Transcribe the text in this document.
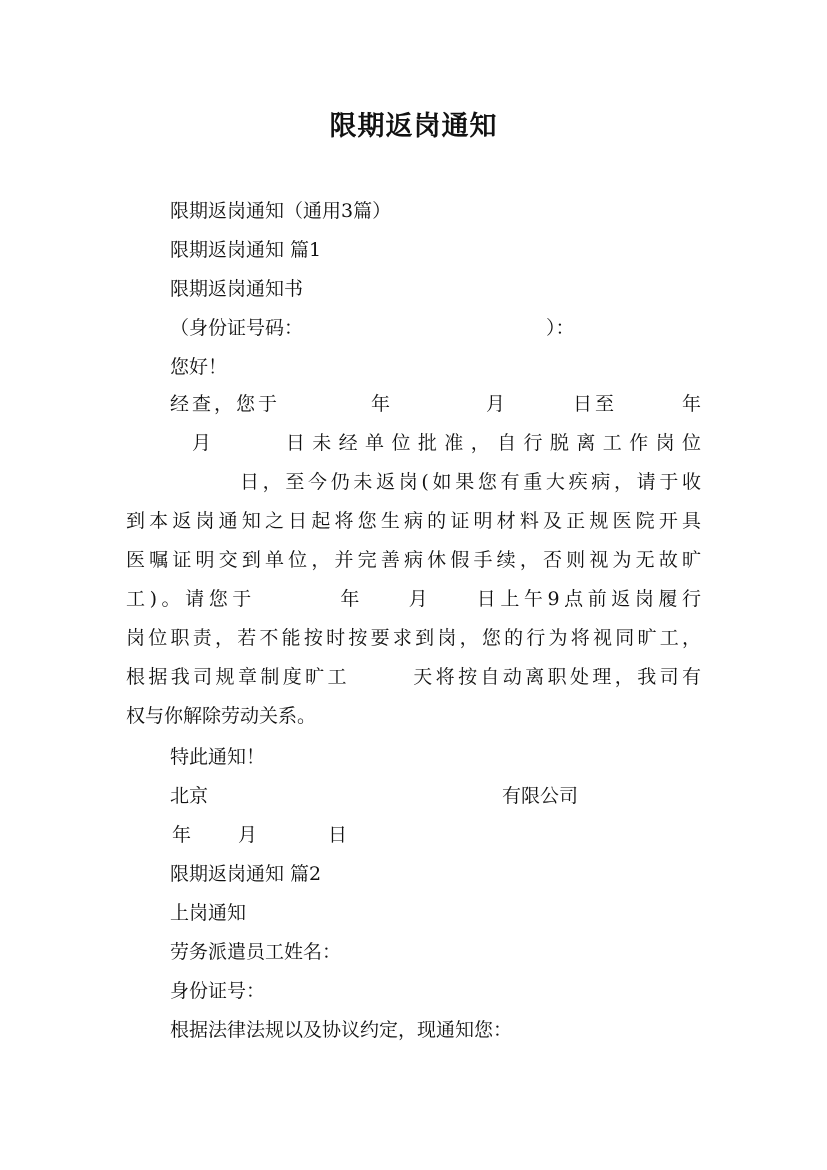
限期返岗通知
限期返岗通知（通用3篇）
限期返岗通知 篇1
限期返岗通知书
（身份证号码：	）：
您好！

经查，您于	年	月	日至	年

月	日未经单位批准，自行脱离工作岗位

日，至今仍未返岗(如果您有重大疾病，请于收

到本返岗通知之日起将您生病的证明材料及正规医院开具

医嘱证明交到单位，并完善病休假手续，否则视为无故旷

工)。请您于	年 月 日上午9点前返岗履行

岗位职责，若不能按时按要求到岗，您的行为将视同旷工，

根据我司规章制度旷工	天将按自动离职处理，我司有

权与你解除劳动关系。

特此通知！
北京	有限公司
年 月	日
限期返岗通知 篇2
上岗通知
劳务派遣员工姓名：
身份证号：
根据法律法规以及协议约定，现通知您：
